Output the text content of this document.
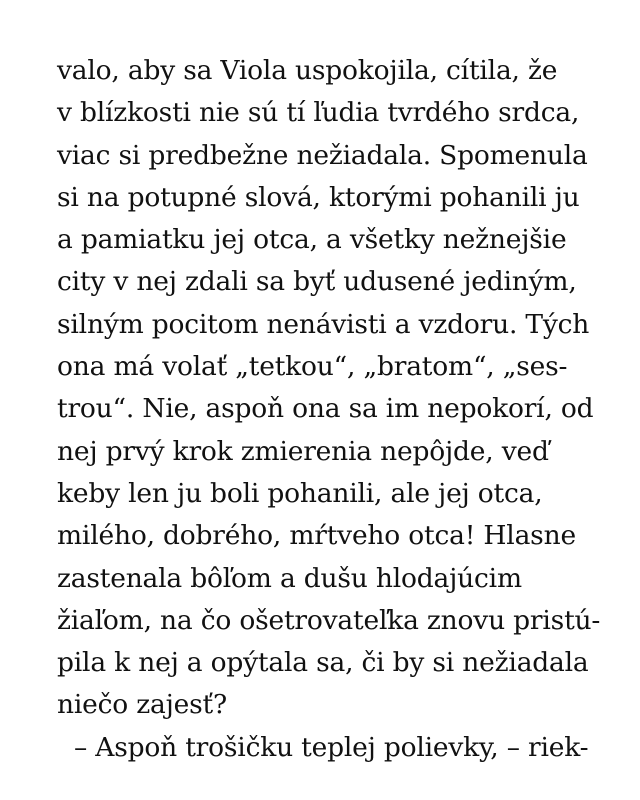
valo, aby sa Viola uspokojila, cítila, že
v blízkosti nie sú tí ľudia tvrdého srdca,
viac si predbežne nežiadala. Spomenula
si na potupné slová, ktorými pohanili ju
a pamiatku jej otca, a všetky nežnejšie
city v nej zdali sa byť udusené jediným,
silným pocitom nenávisti a vzdoru. Tých
ona má volať „tetkou“, „bratom“, „ses-
trou“. Nie, aspoň ona sa im nepokorí, od
nej prvý krok zmierenia nepôjde, veď
keby len ju boli pohanili, ale jej otca,
milého, dobrého, mŕtveho otca! Hlasne
zastenala bôľom a dušu hlodajúcim
žiaľom, na čo ošetrovateľka znovu pristú-
pila k nej a opýtala sa, či by si nežiadala
niečo zajesť?
– Aspoň trošičku teplej polievky, – riek-
